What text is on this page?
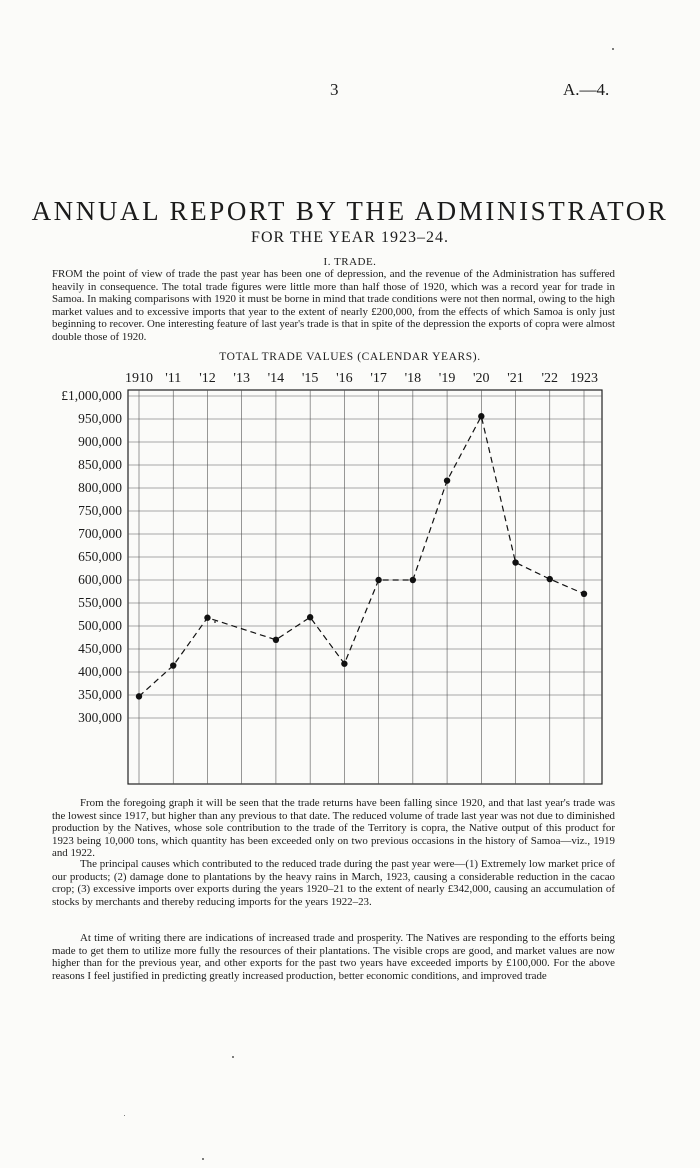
3	A.—4.
ANNUAL REPORT BY THE ADMINISTRATOR
FOR THE YEAR 1923–24.
I. TRADE.

FROM the point of view of trade the past year has been one of depression, and the revenue of the Administration has suffered heavily in consequence. The total trade figures were little more than half those of 1920, which was a record year for trade in Samoa. In making comparisons with 1920 it must be borne in mind that trade conditions were not then normal, owing to the high market values and to excessive imports that year to the extent of nearly £200,000, from the effects of which Samoa is only just beginning to recover. One interesting feature of last year's trade is that in spite of the depression the exports of copra were almost double those of 1920.

TOTAL TRADE VALUES (CALENDAR YEARS).
£1,000,000
950,000
900,000
850,000
800,000
750,000
700,000
650,000
600,000
550,000
500,000
450,000
400,000
350,000
300,000
1910 '11 '12 '13 '14 '15 '16 '17 '18 '19 '20 '21 '22 1923

From the foregoing graph it will be seen that the trade returns have been falling since 1920, and that last year's trade was the lowest since 1917, but higher than any previous to that date. The reduced volume of trade last year was not due to diminished production by the Natives, whose sole contribution to the trade of the Territory is copra, the Native output of this product for 1923 being 10,000 tons, which quantity has been exceeded only on two previous occasions in the history of Samoa—viz., 1919 and 1922.

The principal causes which contributed to the reduced trade during the past year were—(1) Extremely low market price of our products; (2) damage done to plantations by the heavy rains in March, 1923, causing a considerable reduction in the cacao crop; (3) excessive imports over exports during the years 1920–21 to the extent of nearly £342,000, causing an accumulation of stocks by merchants and thereby reducing imports for the years 1922–23.

At time of writing there are indications of increased trade and prosperity. The Natives are responding to the efforts being made to get them to utilize more fully the resources of their plantations. The visible crops are good, and market values are now higher than for the previous year, and other exports for the past two years have exceeded imports by £100,000. For the above reasons I feel justified in predicting greatly increased production, better economic conditions, and improved trade
